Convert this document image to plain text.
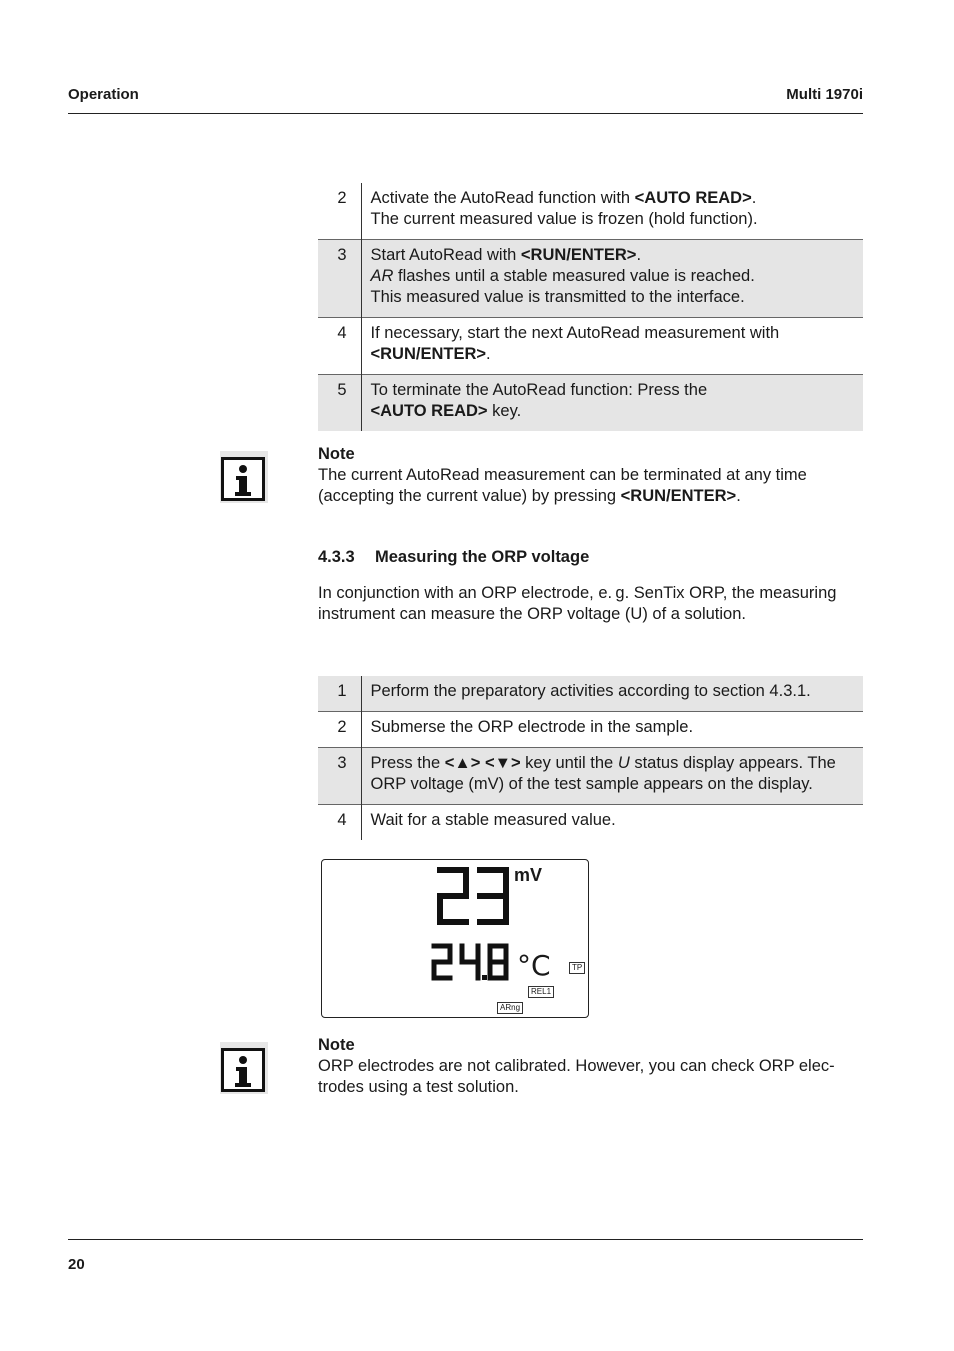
Operation	Multi 1970i
2	Activate the AutoRead function with <AUTO READ>.
The current measured value is frozen (hold function).

3	Start AutoRead with <RUN/ENTER>.
AR flashes until a stable measured value is reached.
This measured value is transmitted to the interface.

4	If necessary, start the next AutoRead measurement with
<RUN/ENTER>.

5	To terminate the AutoRead function: Press the
<AUTO READ> key.
Note
The current AutoRead measurement can be terminated at any time
(accepting the current value) by pressing <RUN/ENTER>.
4.3.3 Measuring the ORP voltage
In conjunction with an ORP electrode, e. g. SenTix ORP, the measuring
instrument can measure the ORP voltage (U) of a solution.
1	Perform the preparatory activities according to section 4.3.1.

2	Submerse the ORP electrode in the sample.

3	Press the <▲> <▼> key until the U status display appears. The
ORP voltage (mV) of the test sample appears on the display.

4	Wait for a stable measured value.
mV
°C	TP
REL1
ARng
Note
ORP electrodes are not calibrated. However, you can check ORP elec-
trodes using a test solution.
20
